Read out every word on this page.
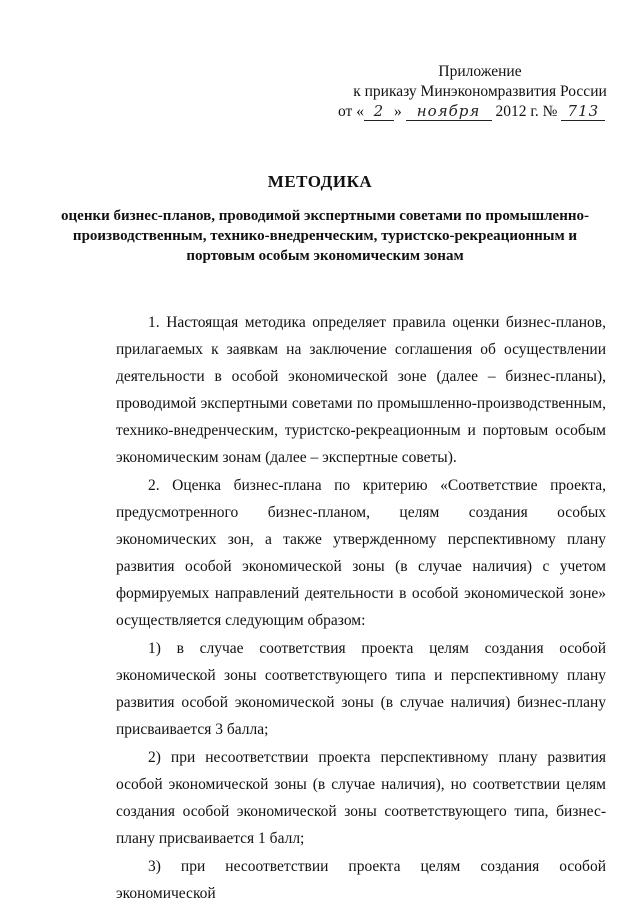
Приложение
к приказу Минэкономразвития России
от « 2 » ноября 2012 г. № 713
МЕТОДИКА
оценки бизнес-планов, проводимой экспертными советами по промышленно-производственным, технико-внедренческим, туристско-рекреационным и портовым особым экономическим зонам

1. Настоящая методика определяет правила оценки бизнес-планов, прилагаемых к заявкам на заключение соглашения об осуществлении деятельности в особой экономической зоне (далее – бизнес-планы), проводимой экспертными советами по промышленно-производственным, технико-внедренческим, туристско-рекреационным и портовым особым экономическим зонам (далее – экспертные советы).

2. Оценка бизнес-плана по критерию «Соответствие проекта, предусмотренного бизнес-планом, целям создания особых экономических зон, а также утвержденному перспективному плану развития особой экономической зоны (в случае наличия) с учетом формируемых направлений деятельности в особой экономической зоне» осуществляется следующим образом:

1) в случае соответствия проекта целям создания особой экономической зоны соответствующего типа и перспективному плану развития особой экономической зоны (в случае наличия) бизнес-плану присваивается 3 балла;

2) при несоответствии проекта перспективному плану развития особой экономической зоны (в случае наличия), но соответствии целям создания особой экономической зоны соответствующего типа, бизнес-плану присваивается 1 балл;

3) при несоответствии проекта целям создания особой экономической
